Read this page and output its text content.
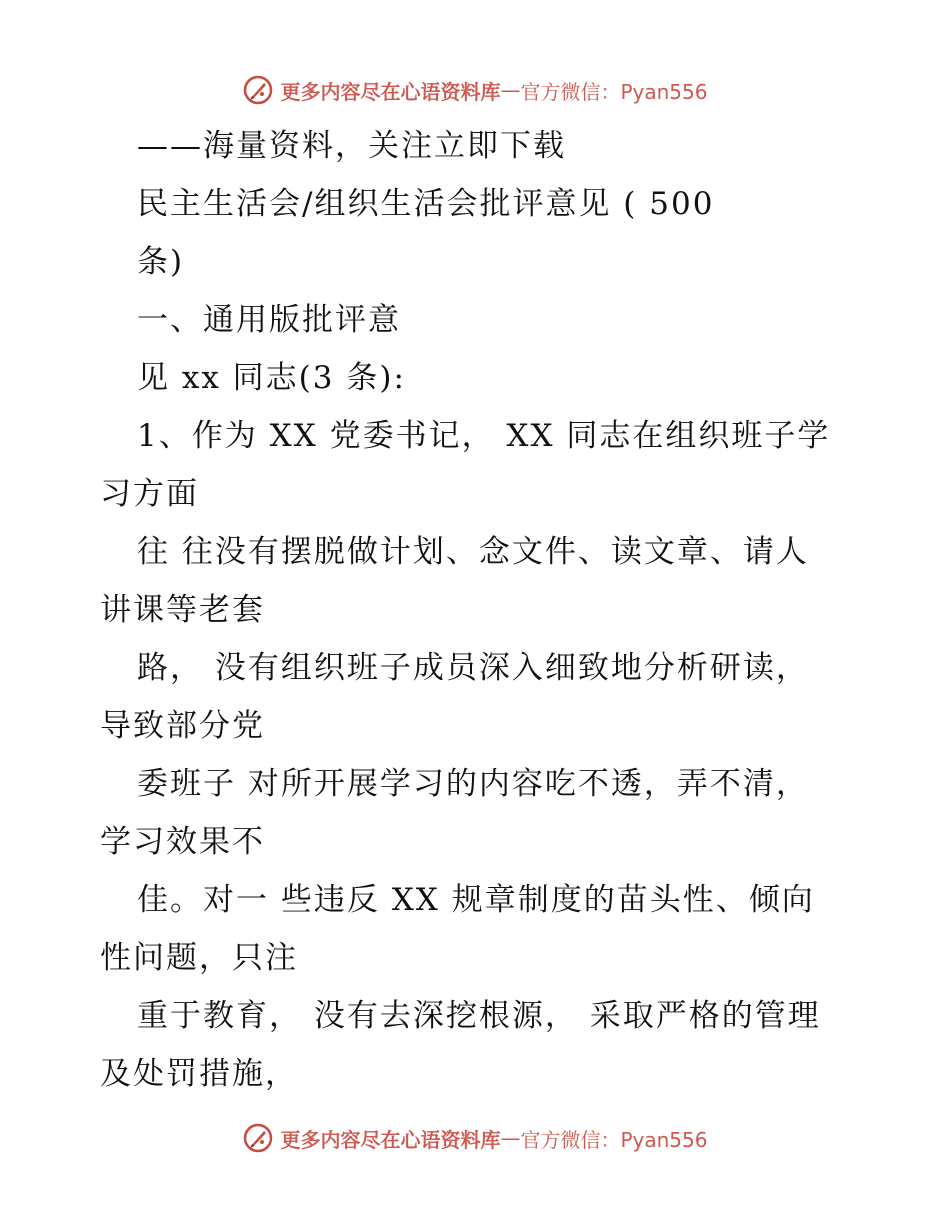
更多内容尽在心语资料库 — 官方微信：Pyan556
——海量资料，关注立即下载
民主生活会/组织生活会批评意见 ( 500
条)
一、通用版批评意
见 xx 同志(3 条):
1、作为 XX 党委书记， XX 同志在组织班子学
习方面
往 往没有摆脱做计划、念文件、读文章、请人
讲课等老套
路， 没有组织班子成员深入细致地分析研读，
导致部分党
委班子 对所开展学习的内容吃不透，弄不清，
学习效果不
佳。对一 些违反 XX 规章制度的苗头性、倾向
性问题，只注
重于教育， 没有去深挖根源， 采取严格的管理
及处罚措施，
更多内容尽在心语资料库 — 官方微信：Pyan556
